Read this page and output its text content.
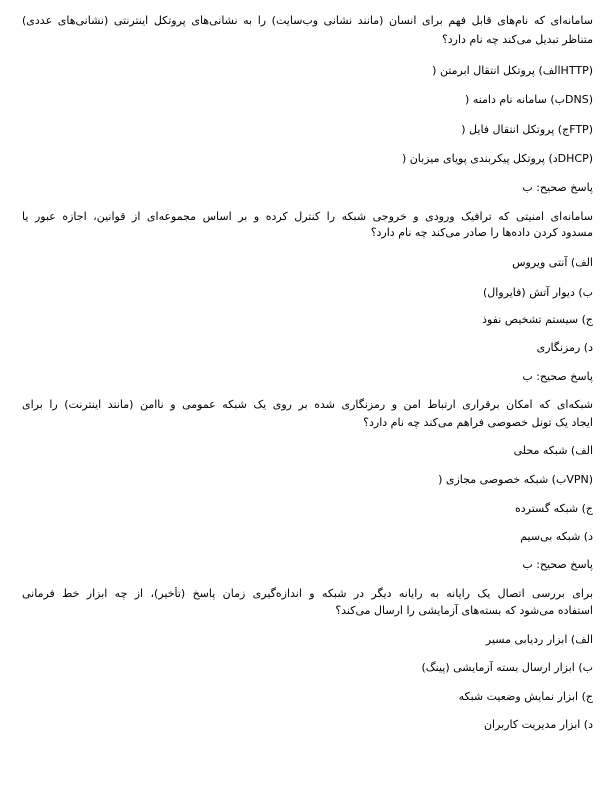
سامانه‌ای که نام‌های قابل فهم برای انسان (مانند نشانی وب‌سایت) را به نشانی‌های پروتکل اینترنتی (نشانی‌های عددی)
متناظر تبدیل می‌کند چه نام دارد؟
(HTTPالف) پروتکل انتقال ابرمتن (
(DNSب) سامانه نام دامنه (
(FTPج) پروتکل انتقال فایل (
(DHCPد) پروتکل پیکربندی پویای میزبان (
پاسخ صحیح: ب
سامانه‌ای امنیتی که ترافیک ورودی و خروجی شبکه را کنترل کرده و بر اساس مجموعه‌ای از قوانین، اجازه عبور یا
مسدود کردن داده‌ها را صادر می‌کند چه نام دارد؟
الف) آنتی ویروس
ب) دیوار آتش (فایروال)
ج) سیستم تشخیص نفوذ
د) رمزنگاری
پاسخ صحیح: ب
شبکه‌ای که امکان برقراری ارتباط امن و رمزنگاری شده بر روی یک شبکه عمومی و ناامن (مانند اینترنت) را برای
ایجاد یک تونل خصوصی فراهم می‌کند چه نام دارد؟
الف) شبکه محلی
(VPNب) شبکه خصوصی مجازی (
ج) شبکه گسترده
د) شبکه بی‌سیم
پاسخ صحیح: ب
برای بررسی اتصال یک رایانه به رایانه دیگر در شبکه و اندازه‌گیری زمان پاسخ (تأخیر)، از چه ابزار خط فرمانی
استفاده می‌شود که بسته‌های آزمایشی را ارسال می‌کند؟
الف) ابزار ردیابی مسیر
ب) ابزار ارسال بسته آزمایشی (پینگ)
ج) ابزار نمایش وضعیت شبکه
د) ابزار مدیریت کاربران
